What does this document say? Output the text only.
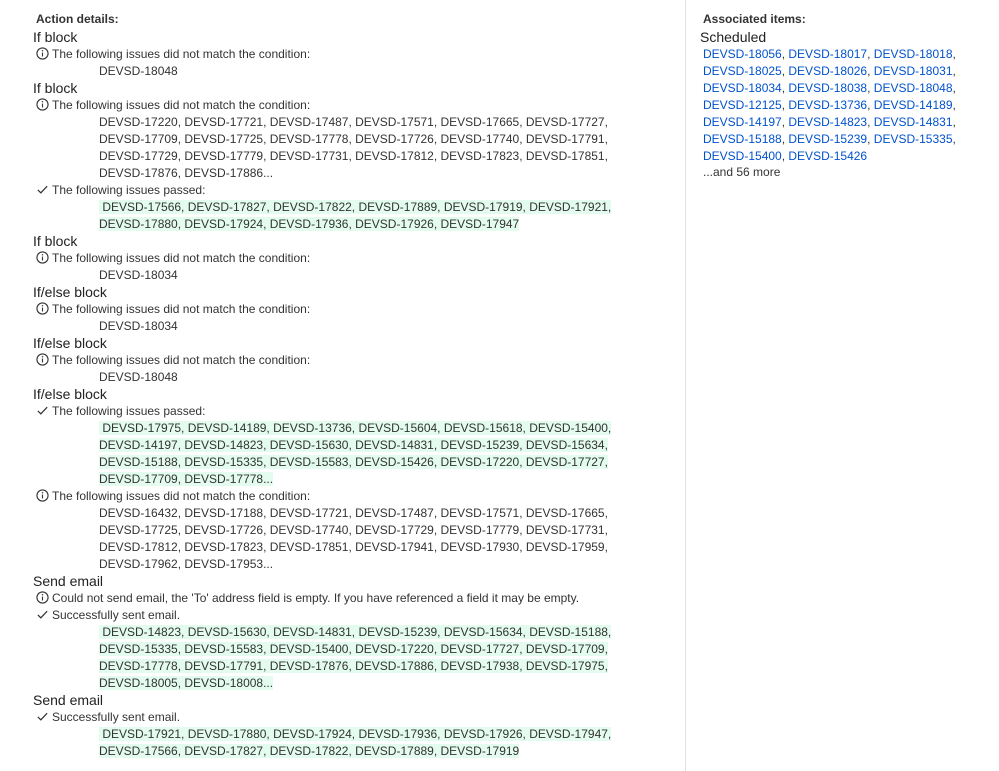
Action details:
If block
The following issues did not match the condition:
DEVSD-18048
If block
The following issues did not match the condition:
DEVSD-17220, DEVSD-17721, DEVSD-17487, DEVSD-17571, DEVSD-17665, DEVSD-17727, DEVSD-17709, DEVSD-17725, DEVSD-17778, DEVSD-17726, DEVSD-17740, DEVSD-17791, DEVSD-17729, DEVSD-17779, DEVSD-17731, DEVSD-17812, DEVSD-17823, DEVSD-17851, DEVSD-17876, DEVSD-17886...
The following issues passed:
DEVSD-17566, DEVSD-17827, DEVSD-17822, DEVSD-17889, DEVSD-17919, DEVSD-17921, DEVSD-17880, DEVSD-17924, DEVSD-17936, DEVSD-17926, DEVSD-17947
If block
The following issues did not match the condition:
DEVSD-18034
If/else block
The following issues did not match the condition:
DEVSD-18034
If/else block
The following issues did not match the condition:
DEVSD-18048
If/else block
The following issues passed:
DEVSD-17975, DEVSD-14189, DEVSD-13736, DEVSD-15604, DEVSD-15618, DEVSD-15400, DEVSD-14197, DEVSD-14823, DEVSD-15630, DEVSD-14831, DEVSD-15239, DEVSD-15634, DEVSD-15188, DEVSD-15335, DEVSD-15583, DEVSD-15426, DEVSD-17220, DEVSD-17727, DEVSD-17709, DEVSD-17778...
The following issues did not match the condition:
DEVSD-16432, DEVSD-17188, DEVSD-17721, DEVSD-17487, DEVSD-17571, DEVSD-17665, DEVSD-17725, DEVSD-17726, DEVSD-17740, DEVSD-17729, DEVSD-17779, DEVSD-17731, DEVSD-17812, DEVSD-17823, DEVSD-17851, DEVSD-17941, DEVSD-17930, DEVSD-17959, DEVSD-17962, DEVSD-17953...
Send email
Could not send email, the 'To' address field is empty. If you have referenced a field it may be empty.
Successfully sent email.
DEVSD-14823, DEVSD-15630, DEVSD-14831, DEVSD-15239, DEVSD-15634, DEVSD-15188, DEVSD-15335, DEVSD-15583, DEVSD-15400, DEVSD-17220, DEVSD-17727, DEVSD-17709, DEVSD-17778, DEVSD-17791, DEVSD-17876, DEVSD-17886, DEVSD-17938, DEVSD-17975, DEVSD-18005, DEVSD-18008...
Send email
Successfully sent email.
DEVSD-17921, DEVSD-17880, DEVSD-17924, DEVSD-17936, DEVSD-17926, DEVSD-17947, DEVSD-17566, DEVSD-17827, DEVSD-17822, DEVSD-17889, DEVSD-17919
Associated items:
Scheduled
DEVSD-18056, DEVSD-18017, DEVSD-18018, DEVSD-18025, DEVSD-18026, DEVSD-18031, DEVSD-18034, DEVSD-18038, DEVSD-18048, DEVSD-12125, DEVSD-13736, DEVSD-14189, DEVSD-14197, DEVSD-14823, DEVSD-14831, DEVSD-15188, DEVSD-15239, DEVSD-15335, DEVSD-15400, DEVSD-15426
...and 56 more
